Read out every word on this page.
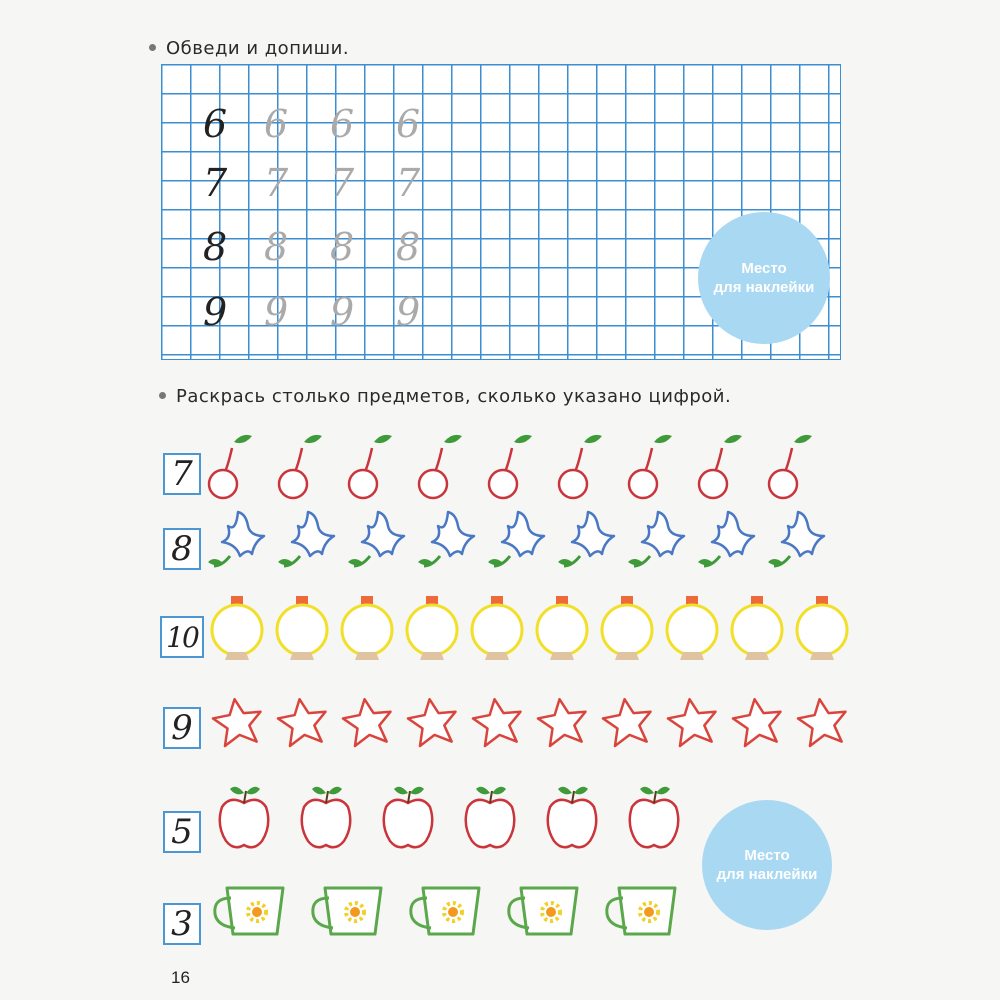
Обведи и допиши.
6 6 6 6
7 7 7 7
8 8 8 8
9 9 9 9
Место
для наклейки
Раскрась столько предметов, сколько указано цифрой.
7
8
10
9
5
3
Место
для наклейки
16
